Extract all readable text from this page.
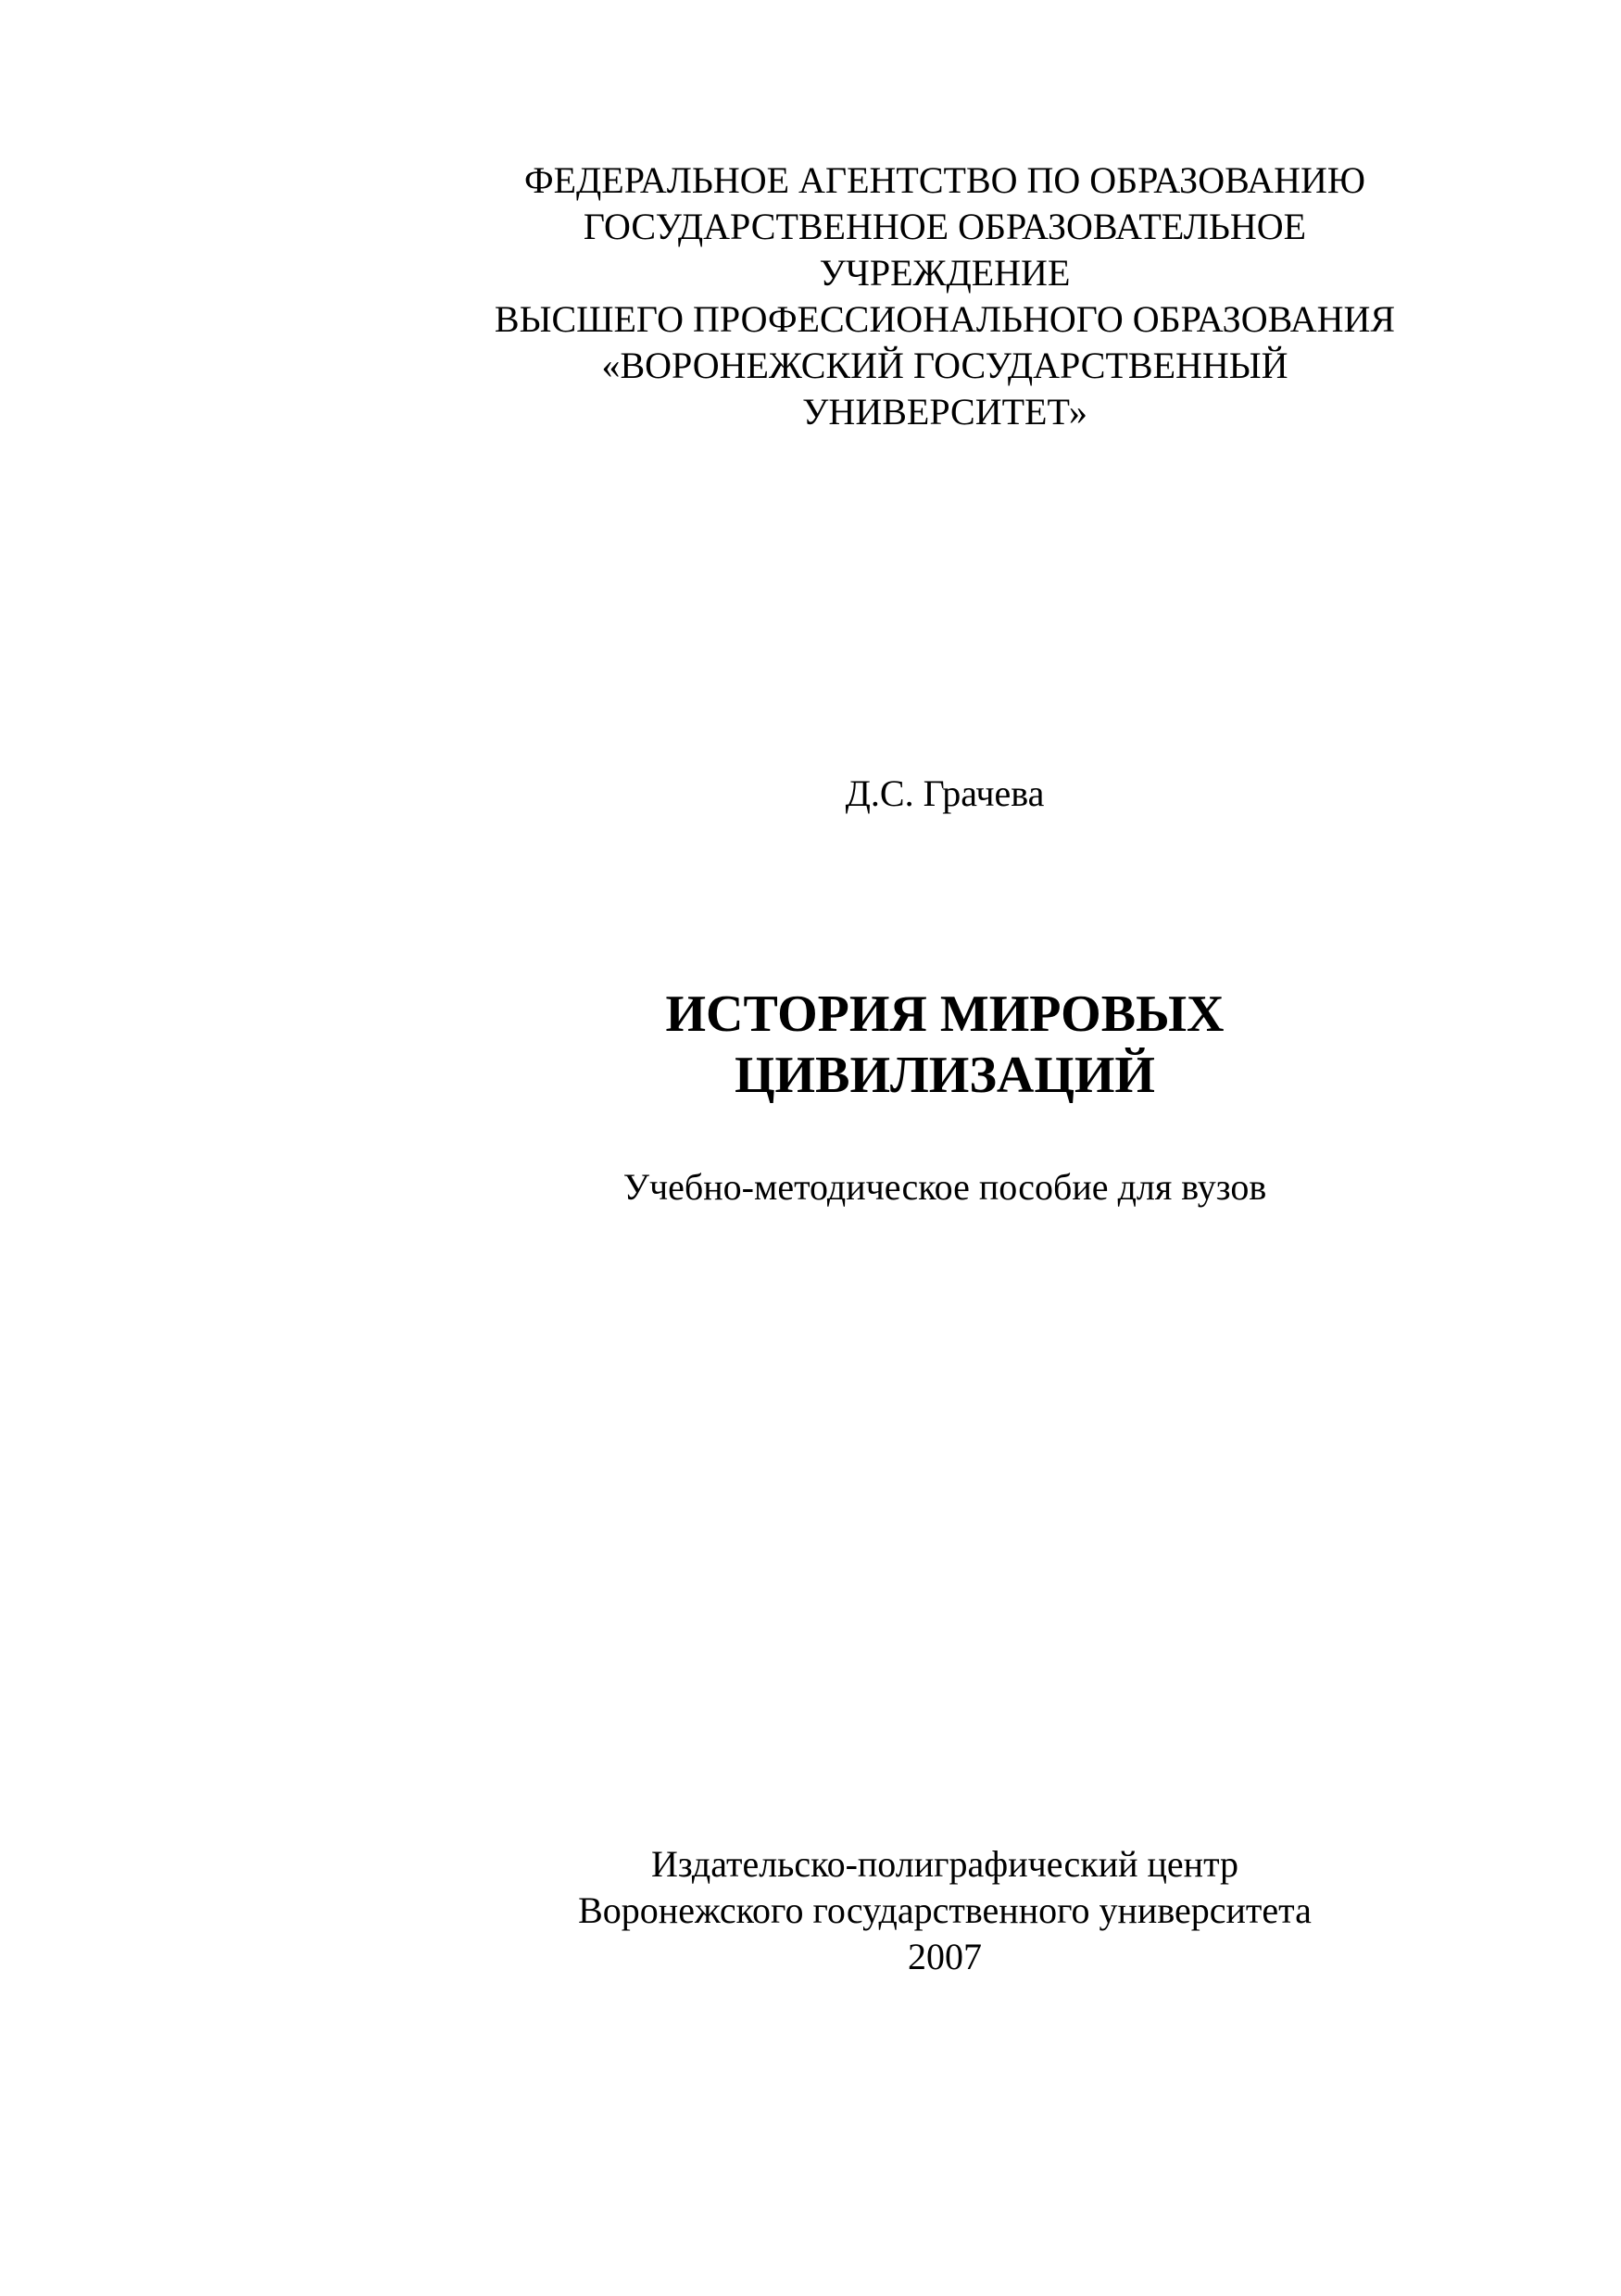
ФЕДЕРАЛЬНОЕ АГЕНТСТВО ПО ОБРАЗОВАНИЮ
ГОСУДАРСТВЕННОЕ ОБРАЗОВАТЕЛЬНОЕ
УЧРЕЖДЕНИЕ
ВЫСШЕГО ПРОФЕССИОНАЛЬНОГО ОБРАЗОВАНИЯ
«ВОРОНЕЖСКИЙ ГОСУДАРСТВЕННЫЙ
УНИВЕРСИТЕТ»
Д.С. Грачева
ИСТОРИЯ МИРОВЫХ
ЦИВИЛИЗАЦИЙ
Учебно-методическое пособие для вузов
Издательско-полиграфический центр
Воронежского государственного университета
2007
